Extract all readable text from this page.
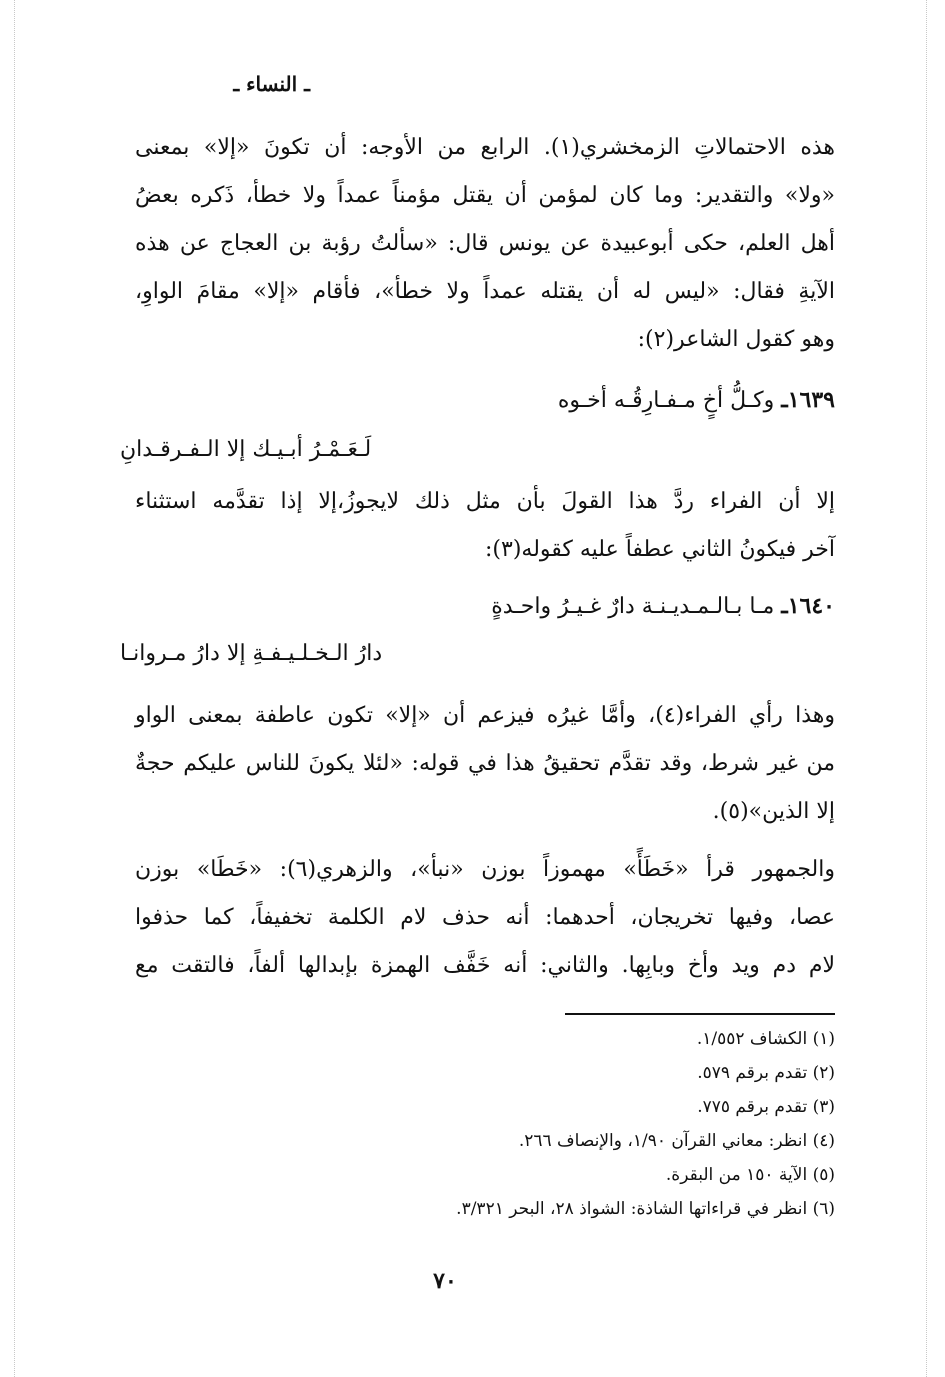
ـ النساء ـ
هذه الاحتمالاتِ الزمخشري(١). الرابع من الأوجه: أن تكونَ «إلا» بمعنى
«ولا» والتقدير: وما كان لمؤمن أن يقتل مؤمناً عمداً ولا خطأ، ذَكره بعضُ
أهل العلم، حكى أبوعبيدة عن يونس قال: «سألتُ رؤبة بن العجاج عن هذه
الآيةِ فقال: «ليس له أن يقتله عمداً ولا خطأ»، فأقام «إلا» مقامَ الواوِ،
وهو كقول الشاعر(٢):
١٦٣٩ـ وكـلُّ أخٍ مـفـارِقُـه أخـوه
لَـعَـمْـرُ أبـيـك إلا الـفـرقـدانِ
إلا أن الفراء ردَّ هذا القولَ بأن مثل ذلك لايجوزُ،إلا إذا تقدَّمه استثناء
آخر فيكونُ الثاني عطفاً عليه كقوله(٣):
١٦٤٠ـ مـا بـالـمـديـنـة دارٌ غـيـرُ واحـدةٍ
دارُ الـخـلـيـفـةِ إلا دارُ مـروانـا
وهذا رأي الفراء(٤)، وأمَّا غيرُه فيزعم أن «إلا» تكون عاطفة بمعنى الواو
من غير شرط، وقد تقدَّم تحقيقُ هذا في قوله: «لئلا يكونَ للناس عليكم حجةٌ
إلا الذين»(٥).
والجمهور قرأ «خَطَأً» مهموزاً بوزن «نبأ»، والزهري(٦): «خَطَا» بوزن
عصا، وفيها تخريجان، أحدهما: أنه حذف لام الكلمة تخفيفاً، كما حذفوا
لام دم ويد وأخ وبابِها. والثاني: أنه خَفَّف الهمزة بإبدالها ألفاً، فالتقت مع
(١) الكشاف ١/٥٥٢.
(٢) تقدم برقم ٥٧٩.
(٣) تقدم برقم ٧٧٥.
(٤) انظر: معاني القرآن ١/٩٠، والإنصاف ٢٦٦.
(٥) الآية ١٥٠ من البقرة.
(٦) انظر في قراءاتها الشاذة: الشواذ ٢٨، البحر ٣/٣٢١.
٧٠
